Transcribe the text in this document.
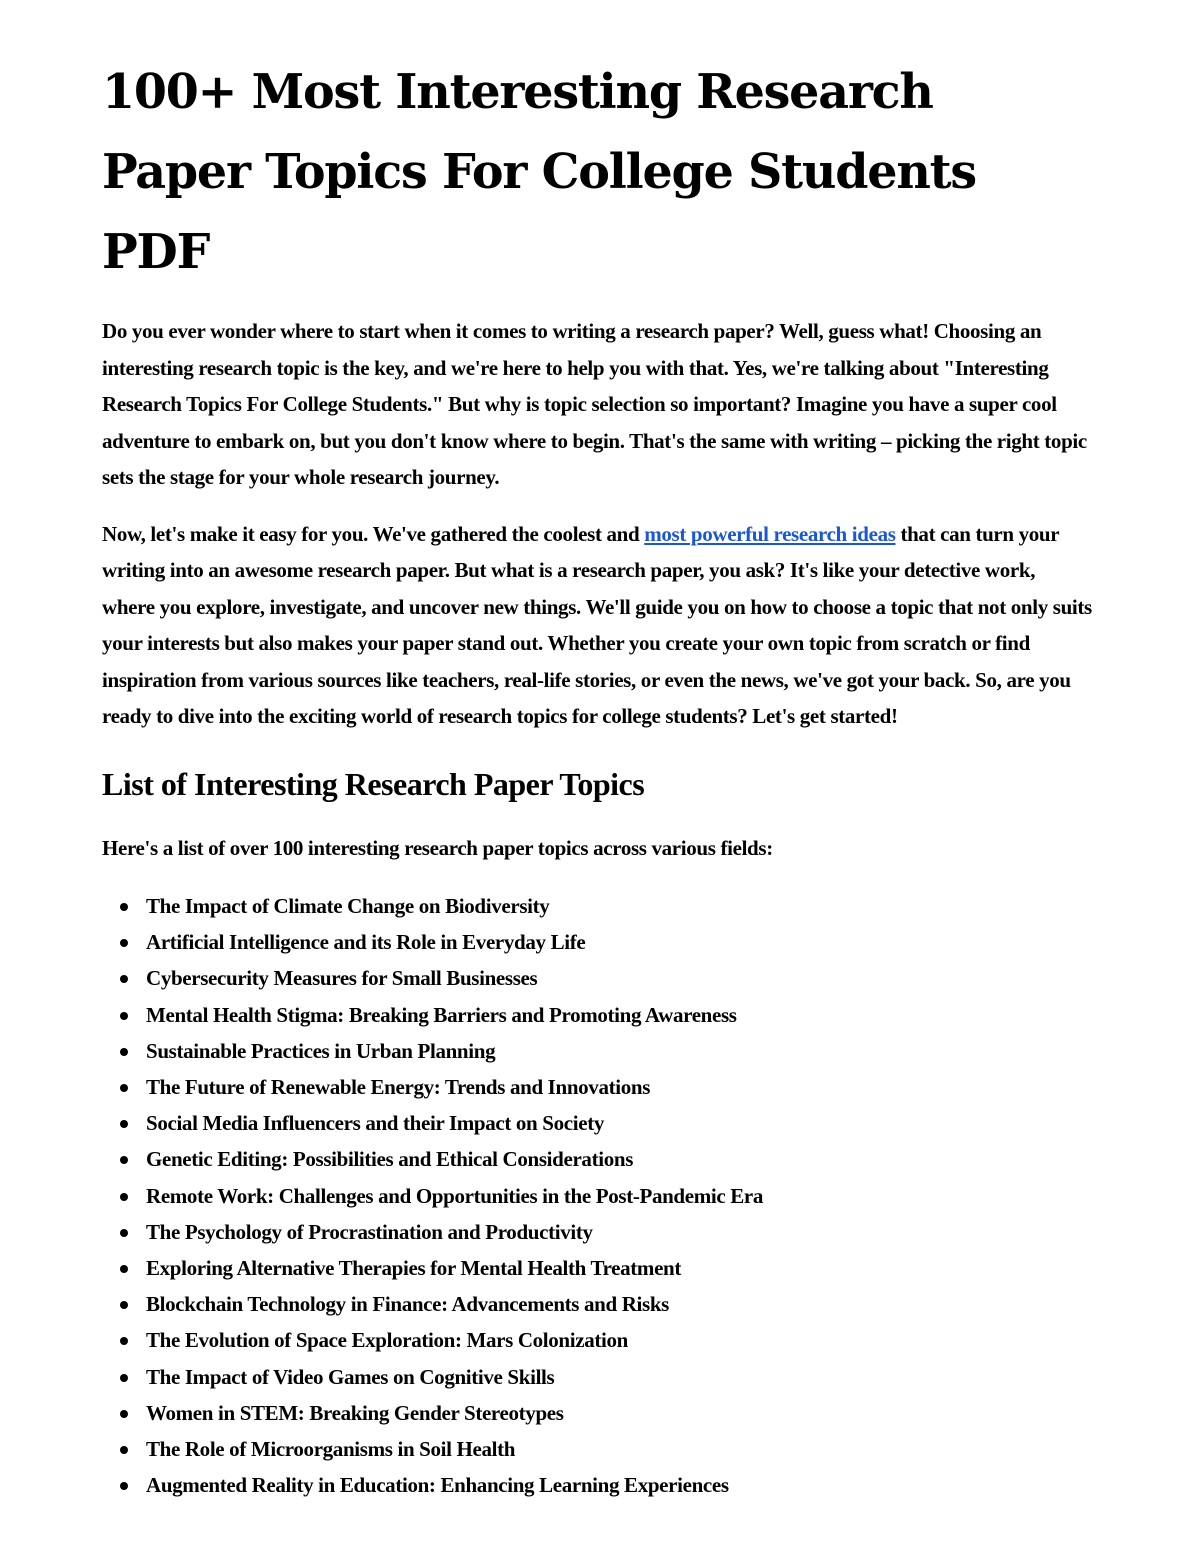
100+ Most Interesting Research Paper Topics For College Students PDF

Do you ever wonder where to start when it comes to writing a research paper? Well, guess what! Choosing an interesting research topic is the key, and we're here to help you with that. Yes, we're talking about "Interesting Research Topics For College Students." But why is topic selection so important? Imagine you have a super cool adventure to embark on, but you don't know where to begin. That's the same with writing – picking the right topic sets the stage for your whole research journey.

Now, let's make it easy for you. We've gathered the coolest and most powerful research ideas that can turn your writing into an awesome research paper. But what is a research paper, you ask? It's like your detective work, where you explore, investigate, and uncover new things. We'll guide you on how to choose a topic that not only suits your interests but also makes your paper stand out. Whether you create your own topic from scratch or find inspiration from various sources like teachers, real-life stories, or even the news, we've got your back. So, are you ready to dive into the exciting world of research topics for college students? Let's get started!

List of Interesting Research Paper Topics

Here's a list of over 100 interesting research paper topics across various fields:

The Impact of Climate Change on Biodiversity
Artificial Intelligence and its Role in Everyday Life
Cybersecurity Measures for Small Businesses
Mental Health Stigma: Breaking Barriers and Promoting Awareness
Sustainable Practices in Urban Planning
The Future of Renewable Energy: Trends and Innovations
Social Media Influencers and their Impact on Society
Genetic Editing: Possibilities and Ethical Considerations
Remote Work: Challenges and Opportunities in the Post-Pandemic Era
The Psychology of Procrastination and Productivity
Exploring Alternative Therapies for Mental Health Treatment
Blockchain Technology in Finance: Advancements and Risks
The Evolution of Space Exploration: Mars Colonization
The Impact of Video Games on Cognitive Skills
Women in STEM: Breaking Gender Stereotypes
The Role of Microorganisms in Soil Health
Augmented Reality in Education: Enhancing Learning Experiences
